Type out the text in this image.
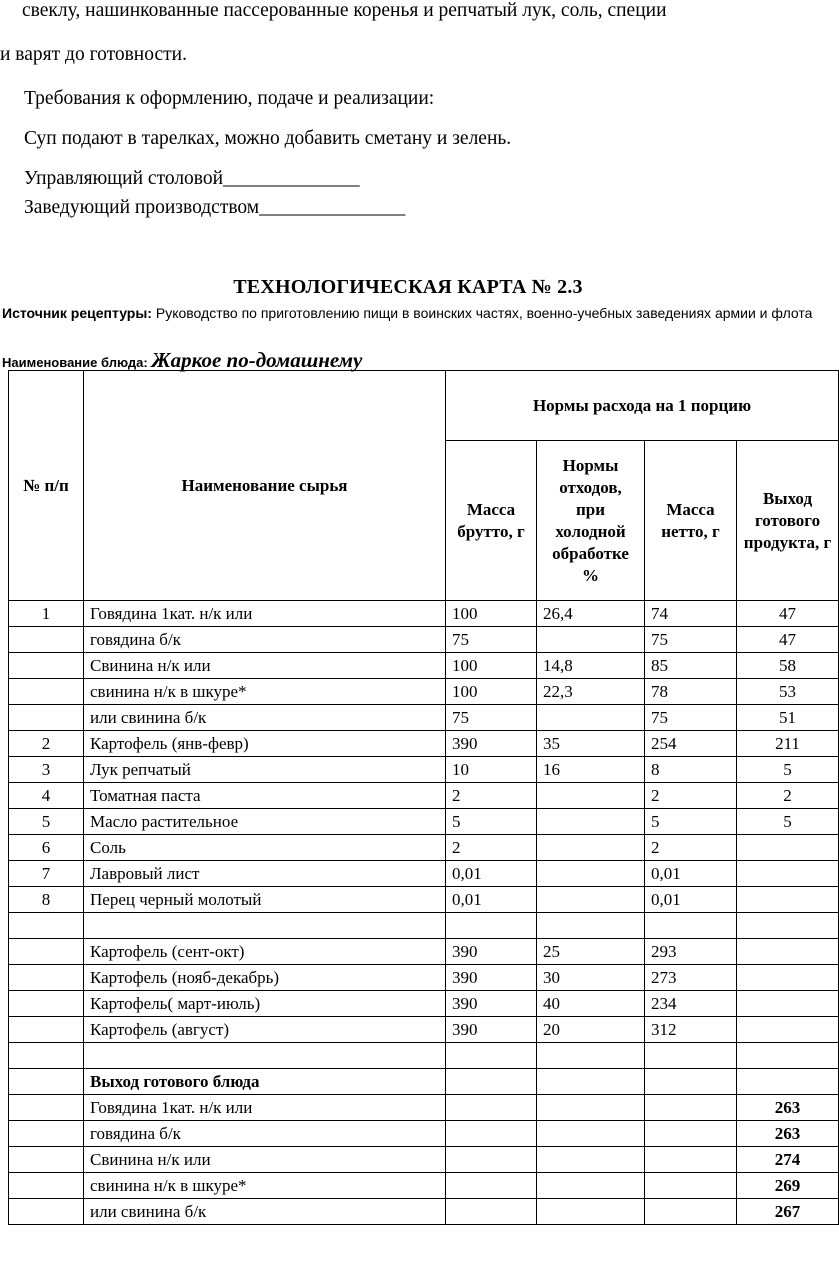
свеклу, нашинкованные пассерованные коренья и репчатый лук, соль, специи
и варят до готовности.
Требования к оформлению, подаче и реализации:
Суп подают в тарелках, можно добавить сметану и зелень.
Управляющий столовой______________
Заведующий производством_______________
ТЕХНОЛОГИЧЕСКАЯ КАРТА № 2.3
Источник рецептуры: Руководство по приготовлению пищи в воинских частях, военно-учебных заведениях армии и флота
Наименование блюда: Жаркое по-домашнему
№ п/п	Наименование сырья	Нормы расхода на 1 порцию			
		Масса брутто, г	Нормы отходов, при холодной обработке %	Масса нетто, г	Выход готового продукта, г
1	Говядина 1кат. н/к или	100	26,4	74	47
	говядина б/к	75		75	47
	Свинина н/к или	100	14,8	85	58
	свинина н/к в шкуре*	100	22,3	78	53
	или свинина б/к	75		75	51
2	Картофель (янв-февр)	390	35	254	211
3	Лук репчатый	10	16	8	5
4	Томатная паста	2		2	2
5	Масло растительное	5		5	5
6	Соль	2		2	
7	Лавровый лист	0,01		0,01	
8	Перец черный молотый	0,01		0,01	

	Картофель (сент-окт)	390	25	293	
	Картофель (нояб-декабрь)	390	30	273	
	Картофель( март-июль)	390	40	234	
	Картофель (август)	390	20	312	

	Выход готового блюда				
	Говядина 1кат. н/к или				263
	говядина б/к				263
	Свинина н/к или				274
	свинина н/к в шкуре*				269
	или свинина б/к				267
